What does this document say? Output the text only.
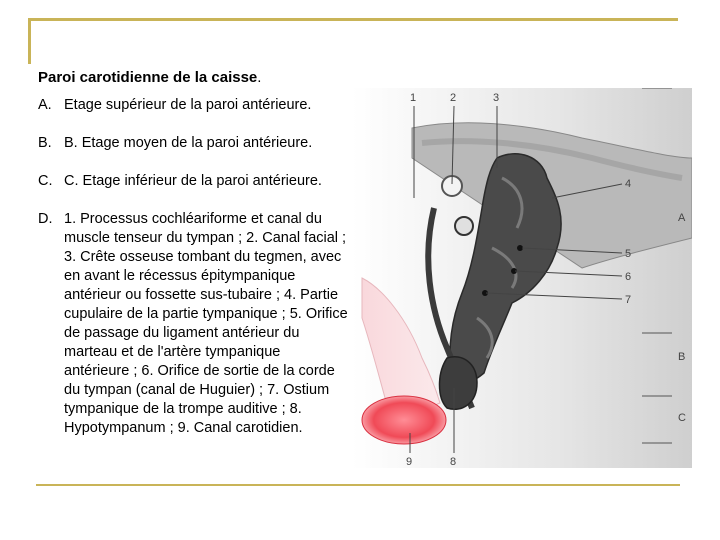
Paroi carotidienne de la caisse.
A. Etage supérieur de la paroi antérieure.
B. B. Etage moyen de la paroi antérieure.
C. C. Etage inférieur de la paroi antérieure.
D. 1. Processus cochléariforme et canal du muscle tenseur du tympan ; 2. Canal facial ; 3. Crête osseuse tombant du tegmen, avec en avant le récessus épitympanique antérieur ou fossette sus-tubaire ; 4. Partie cupulaire de la partie tympanique ; 5. Orifice de passage du ligament antérieur du marteau et de l'artère tympanique antérieure ; 6. Orifice de sortie de la corde du tympan (canal de Huguier) ; 7. Ostium tympanique de la trompe auditive ; 8. Hypotympanum ; 9. Canal carotidien.
1	2	3
4
5
6
7
9	8
A
B
C
